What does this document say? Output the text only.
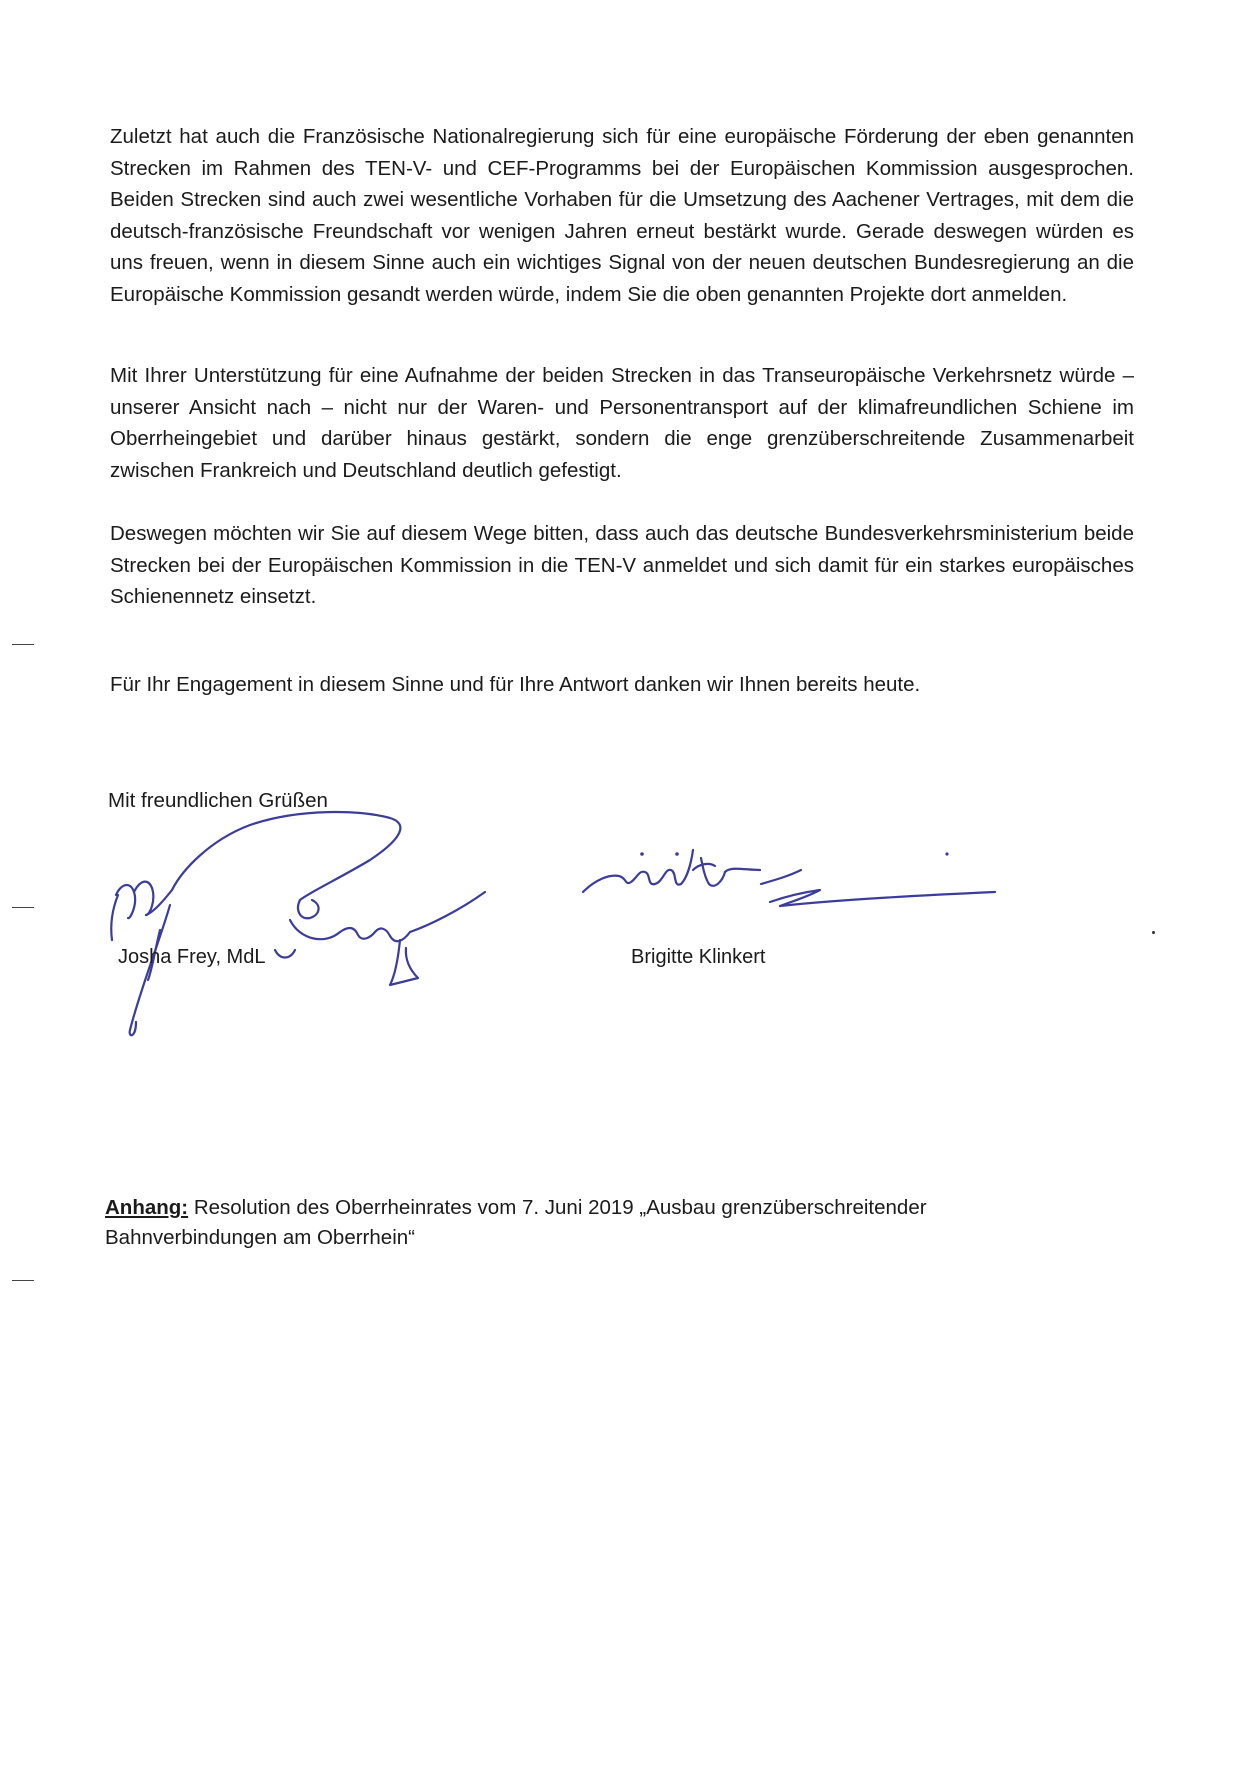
Zuletzt hat auch die Französische Nationalregierung sich für eine europäische Förderung der eben genannten Strecken im Rahmen des TEN-V- und CEF-Programms bei der Europäischen Kommission ausgesprochen. Beiden Strecken sind auch zwei wesentliche Vorhaben für die Umsetzung des Aachener Vertrages, mit dem die deutsch-französische Freundschaft vor wenigen Jahren erneut bestärkt wurde. Gerade deswegen würden es uns freuen, wenn in diesem Sinne auch ein wichtiges Signal von der neuen deutschen Bundesregierung an die Europäische Kommission gesandt werden würde, indem Sie die oben genannten Projekte dort anmelden.

Mit Ihrer Unterstützung für eine Aufnahme der beiden Strecken in das Transeuropäische Verkehrsnetz würde – unserer Ansicht nach – nicht nur der Waren- und Personentransport auf der klimafreundlichen Schiene im Oberrheingebiet und darüber hinaus gestärkt, sondern die enge grenzüberschreitende Zusammenarbeit zwischen Frankreich und Deutschland deutlich gefestigt.

Deswegen möchten wir Sie auf diesem Wege bitten, dass auch das deutsche Bundesverkehrsministerium beide Strecken bei der Europäischen Kommission in die TEN-V anmeldet und sich damit für ein starkes europäisches Schienennetz einsetzt.

Für Ihr Engagement in diesem Sinne und für Ihre Antwort danken wir Ihnen bereits heute.

Mit freundlichen Grüßen

Josha Frey, MdL	Brigitte Klinkert

Anhang: Resolution des Oberrheinrates vom 7. Juni 2019 „Ausbau grenzüberschreitender Bahnverbindungen am Oberrhein“
